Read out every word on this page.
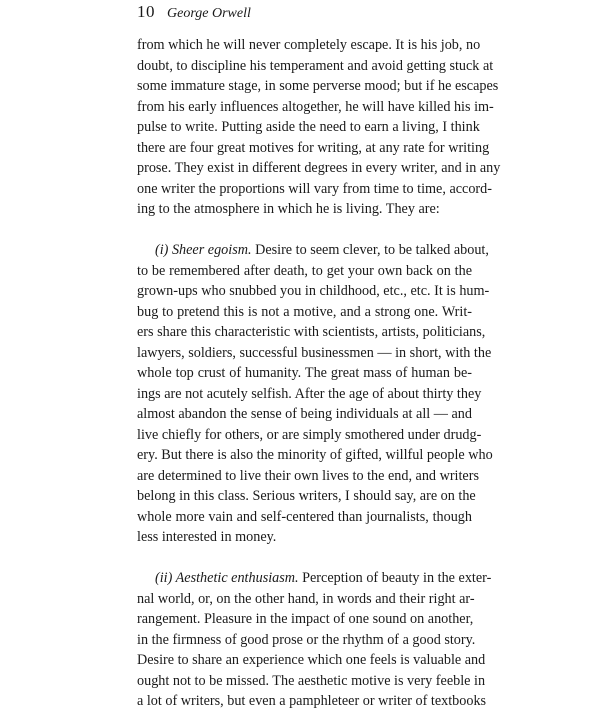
10 George Orwell
from which he will never completely escape. It is his job, no
doubt, to discipline his temperament and avoid getting stuck at
some immature stage, in some perverse mood; but if he escapes
from his early influences altogether, he will have killed his im-
pulse to write. Putting aside the need to earn a living, I think
there are four great motives for writing, at any rate for writing
prose. They exist in different degrees in every writer, and in any
one writer the proportions will vary from time to time, accord-
ing to the atmosphere in which he is living. They are:
(i) Sheer egoism. Desire to seem clever, to be talked about,
to be remembered after death, to get your own back on the
grown-ups who snubbed you in childhood, etc., etc. It is hum-
bug to pretend this is not a motive, and a strong one. Writ-
ers share this characteristic with scientists, artists, politicians,
lawyers, soldiers, successful businessmen — in short, with the
whole top crust of humanity. The great mass of human be-
ings are not acutely selfish. After the age of about thirty they
almost abandon the sense of being individuals at all — and
live chiefly for others, or are simply smothered under drudg-
ery. But there is also the minority of gifted, willful people who
are determined to live their own lives to the end, and writers
belong in this class. Serious writers, I should say, are on the
whole more vain and self-centered than journalists, though
less interested in money.
(ii) Aesthetic enthusiasm. Perception of beauty in the exter-
nal world, or, on the other hand, in words and their right ar-
rangement. Pleasure in the impact of one sound on another,
in the firmness of good prose or the rhythm of a good story.
Desire to share an experience which one feels is valuable and
ought not to be missed. The aesthetic motive is very feeble in
a lot of writers, but even a pamphleteer or writer of textbooks
